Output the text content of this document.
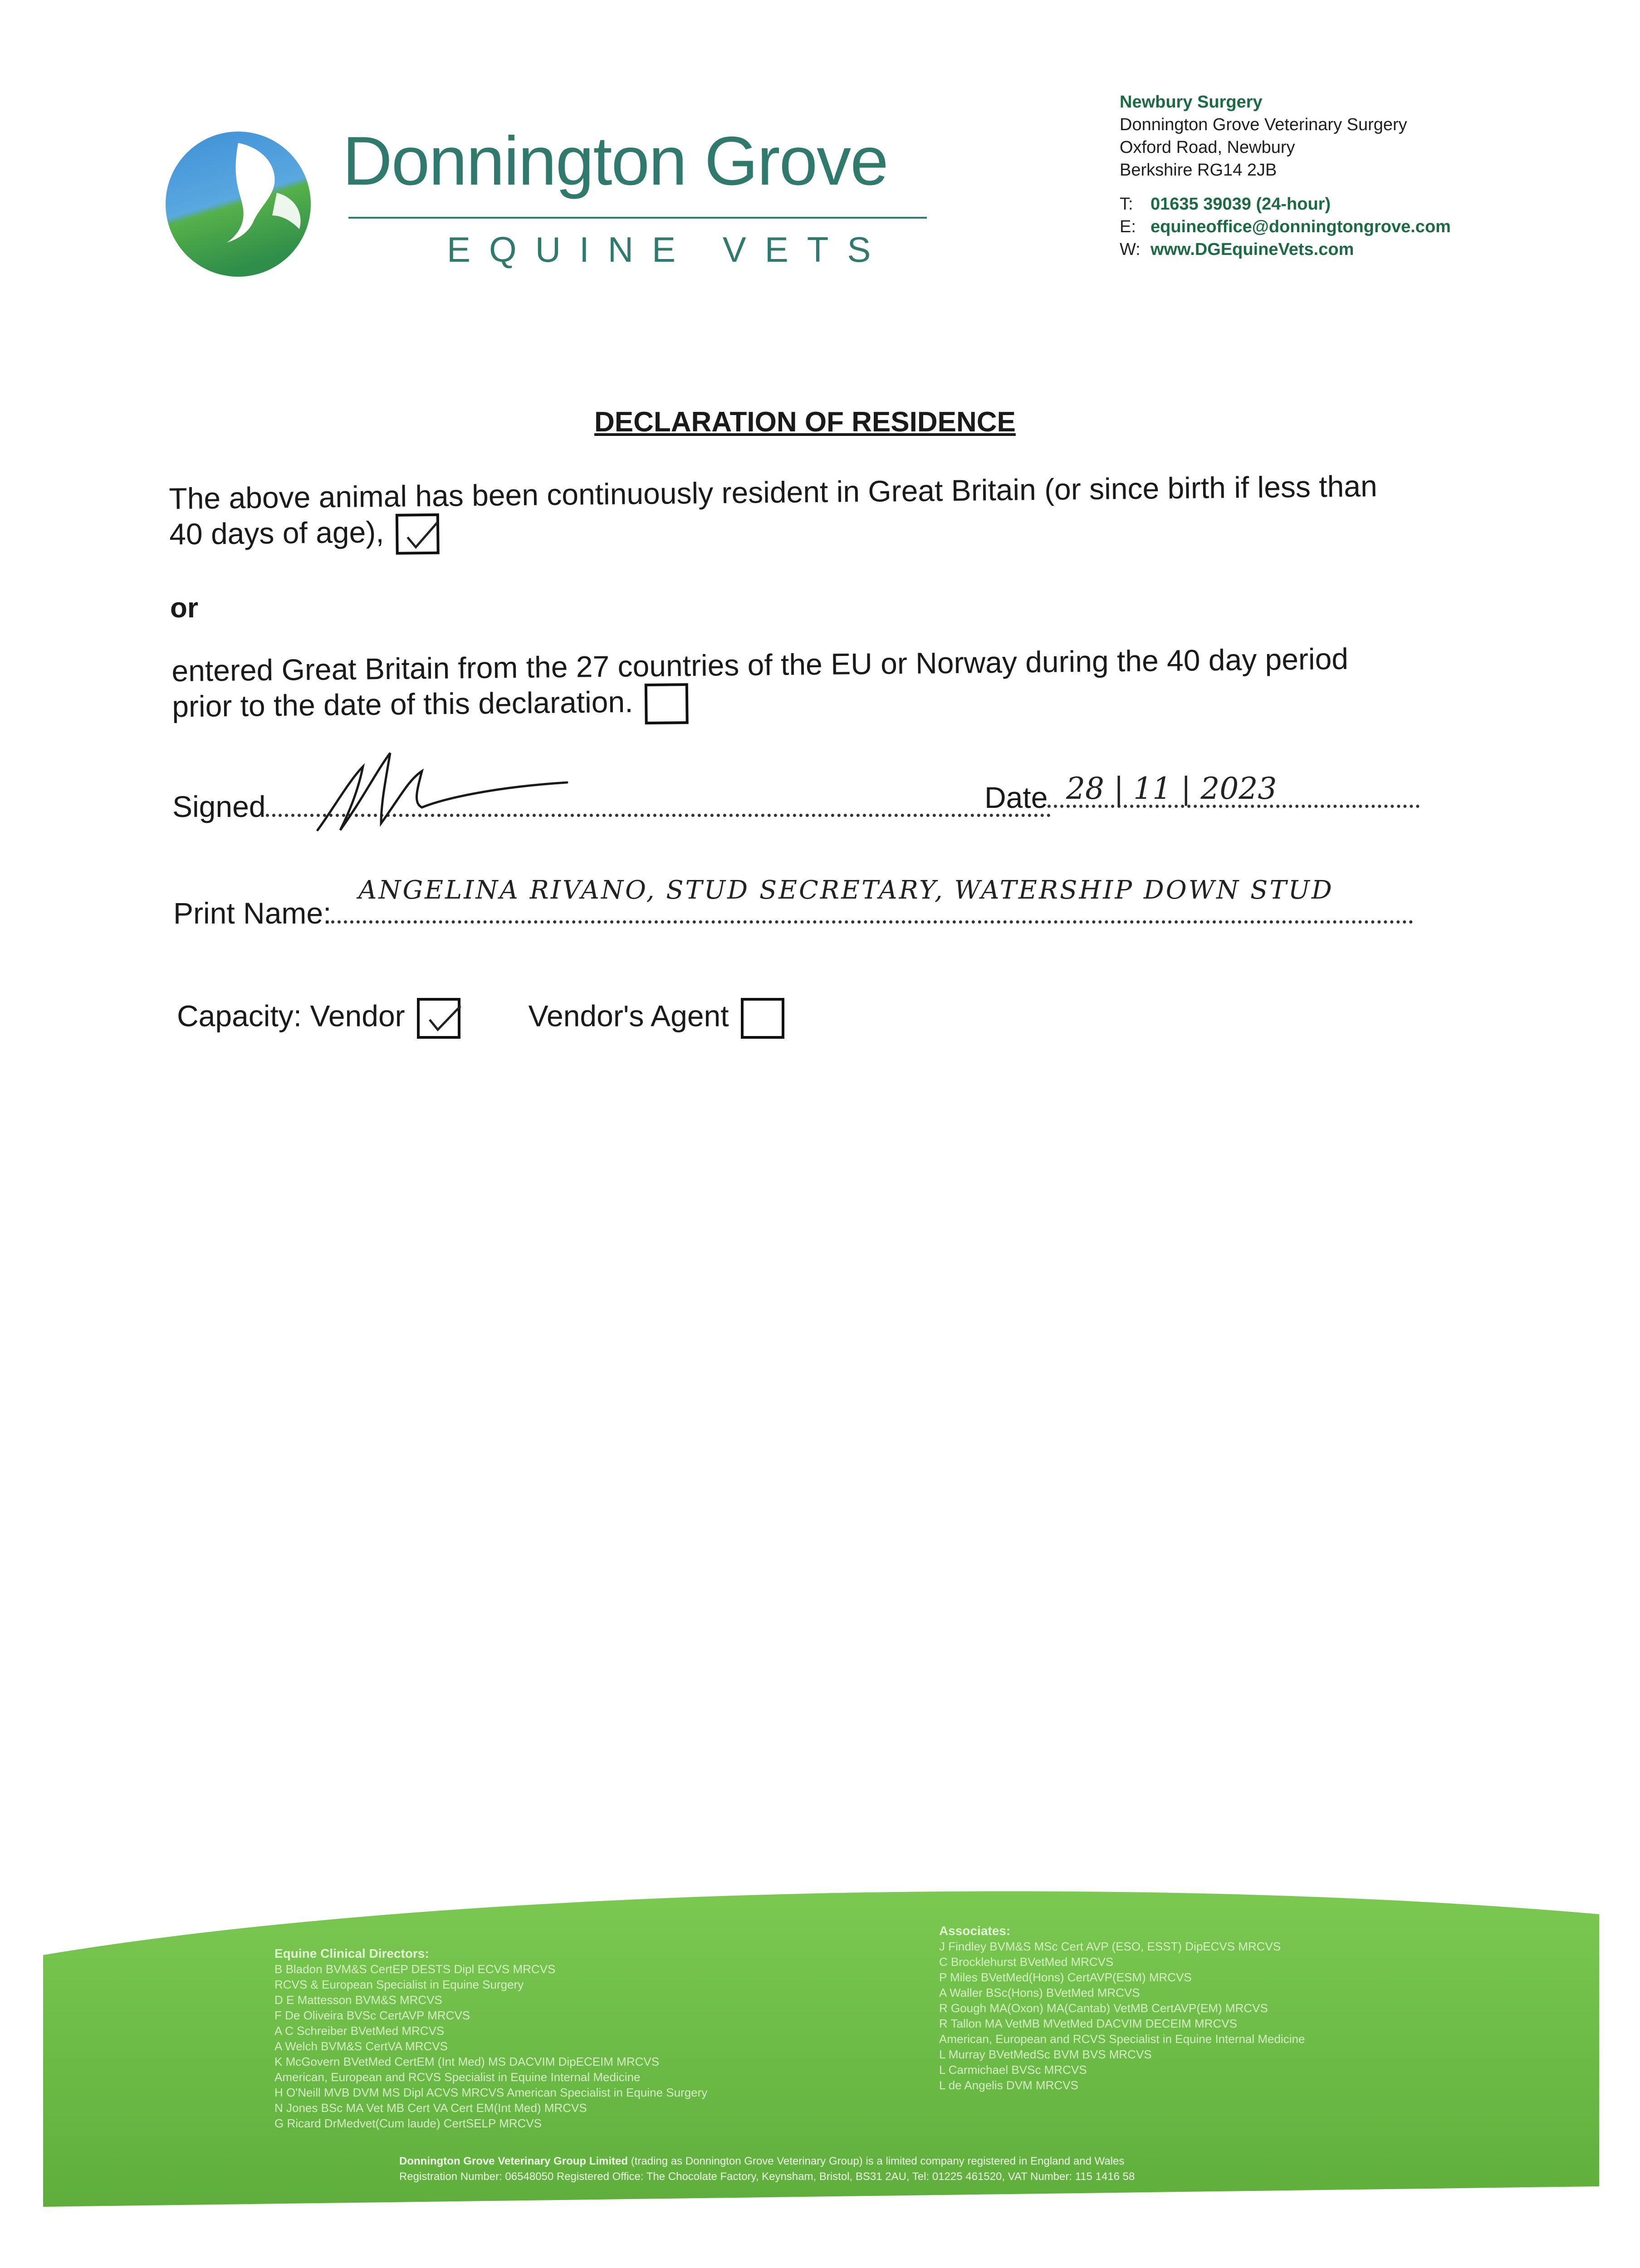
Donnington Grove
EQUINE VETS
Newbury Surgery
Donnington Grove Veterinary Surgery
Oxford Road, Newbury
Berkshire RG14 2JB
T: 01635 39039 (24-hour)
E: equineoffice@donningtongrove.com
W: www.DGEquineVets.com
DECLARATION OF RESIDENCE
The above animal has been continuously resident in Great Britain (or since birth if less than
40 days of age),
or
entered Great Britain from the 27 countries of the EU or Norway during the 40 day period
prior to the date of this declaration.
Signed	Date 28 | 11 | 2023
Print Name:
ANGELINA RIVANO, STUD SECRETARY, WATERSHIP DOWN STUD
Capacity: Vendor	Vendor's Agent
Equine Clinical Directors:
B Bladon BVM&S CertEP DESTS Dipl ECVS MRCVS
RCVS & European Specialist in Equine Surgery
D E Mattesson BVM&S MRCVS
F De Oliveira BVSc CertAVP MRCVS
A C Schreiber BVetMed MRCVS
A Welch BVM&S CertVA MRCVS
K McGovern BVetMed CertEM (Int Med) MS DACVIM DipECEIM MRCVS
American, European and RCVS Specialist in Equine Internal Medicine
H O'Neill MVB DVM MS Dipl ACVS MRCVS American Specialist in Equine Surgery
N Jones BSc MA Vet MB Cert VA Cert EM(Int Med) MRCVS
G Ricard DrMedvet(Cum laude) CertSELP MRCVS
Associates:
J Findley BVM&S MSc Cert AVP (ESO, ESST) DipECVS MRCVS
C Brocklehurst BVetMed MRCVS
P Miles BVetMed(Hons) CertAVP(ESM) MRCVS
A Waller BSc(Hons) BVetMed MRCVS
R Gough MA(Oxon) MA(Cantab) VetMB CertAVP(EM) MRCVS
R Tallon MA VetMB MVetMed DACVIM DECEIM MRCVS
American, European and RCVS Specialist in Equine Internal Medicine
L Murray BVetMedSc BVM BVS MRCVS
L Carmichael BVSc MRCVS
L de Angelis DVM MRCVS
Donnington Grove Veterinary Group Limited (trading as Donnington Grove Veterinary Group) is a limited company registered in England and Wales
Registration Number: 06548050 Registered Office: The Chocolate Factory, Keynsham, Bristol, BS31 2AU, Tel: 01225 461520, VAT Number: 115 1416 58
